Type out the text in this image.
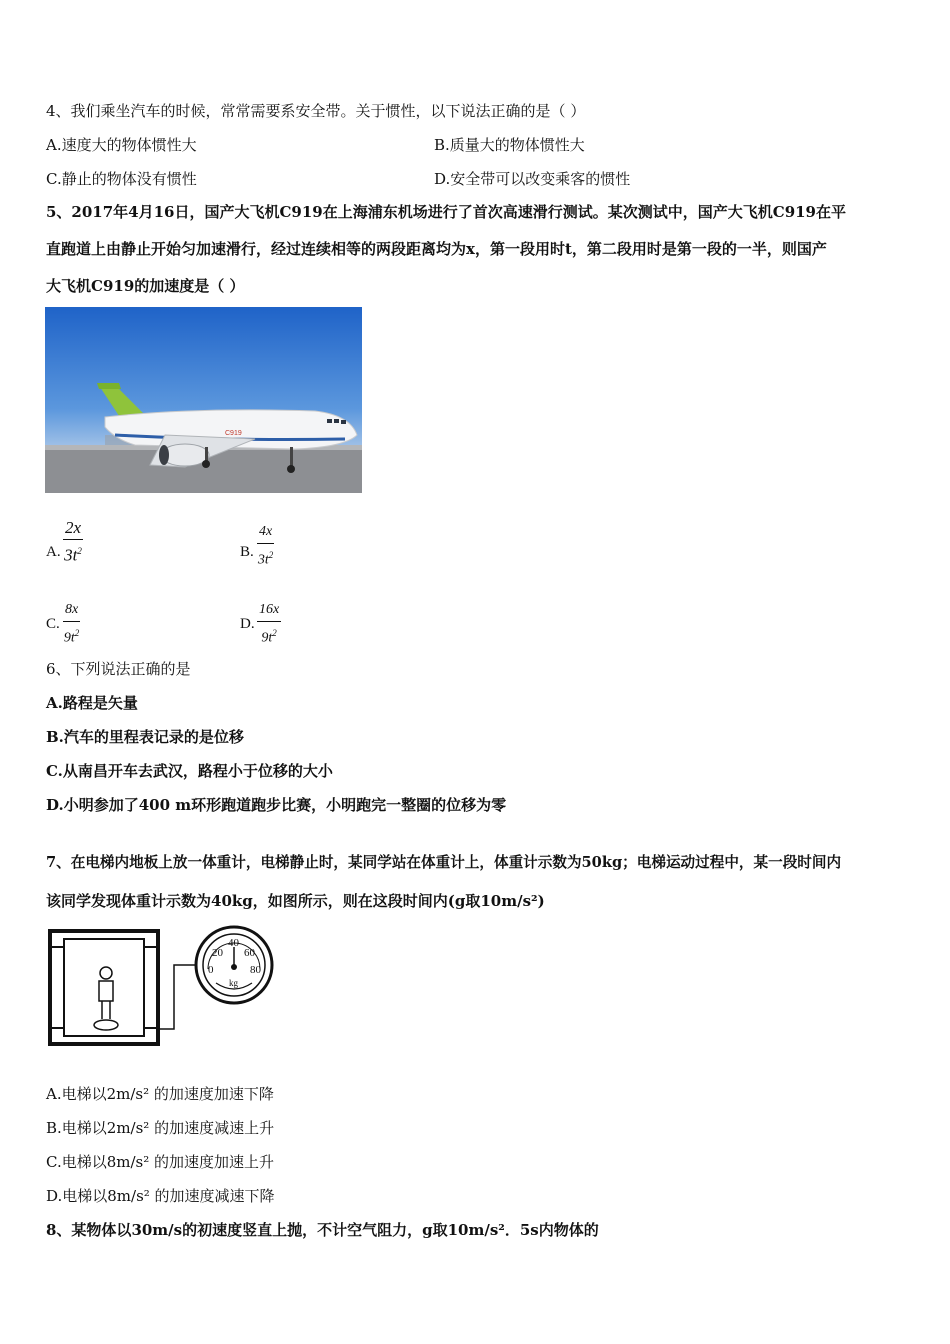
4、我们乘坐汽车的时候，常常需要系安全带。关于惯性，以下说法正确的是（ ）
A.速度大的物体惯性大	B.质量大的物体惯性大
C.静止的物体没有惯性	D.安全带可以改变乘客的惯性
5、2017年4月16日，国产大飞机C919在上海浦东机场进行了首次高速滑行测试。某次测试中，国产大飞机C919在平
直跑道上由静止开始匀加速滑行，经过连续相等的两段距离均为x，第一段用时t，第二段用时是第一段的一半，则国产
大飞机C919的加速度是（ ）
C919
A. $\frac{2x}{3t^2}$	B. $\frac{4x}{3t^2}$
C. $\frac{8x}{9t^2}$	D. $\frac{16x}{9t^2}$
6、下列说法正确的是
A.路程是矢量
B.汽车的里程表记录的是位移
C.从南昌开车去武汉，路程小于位移的大小
D.小明参加了400 m环形跑道跑步比赛，小明跑完一整圈的位移为零
7、在电梯内地板上放一体重计，电梯静止时，某同学站在体重计上，体重计示数为50kg；电梯运动过程中，某一段时间内
该同学发现体重计示数为40kg，如图所示，则在这段时间内(g取10m/s²)
0
20
40
60
80
kg
A.电梯以2m/s² 的加速度加速下降
B.电梯以2m/s² 的加速度减速上升
C.电梯以8m/s² 的加速度加速上升
D.电梯以8m/s² 的加速度减速下降
8、某物体以30m/s的初速度竖直上抛，不计空气阻力，g取10m/s²．5s内物体的
